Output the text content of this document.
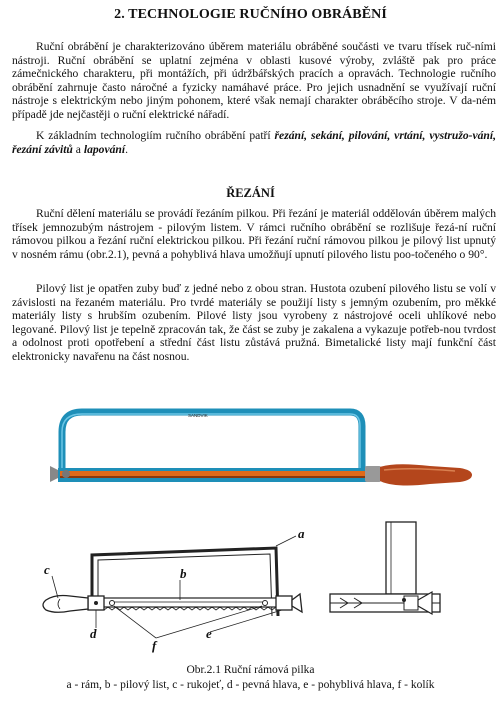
2. TECHNOLOGIE RUČNÍHO OBRÁBĚNÍ

Ruční obrábění je charakterizováno úběrem materiálu obráběné součásti ve tvaru třísek ruč-ními nástroji. Ruční obrábění se uplatní zejména v oblasti kusové výroby, zvláště pak pro práce zámečnického charakteru, při montážích, při údržbářských pracích a opravách. Technologie ručního obrábění zahrnuje často náročné a fyzicky namáhavé práce. Pro jejich usnadnění se využívají ruční nástroje s elektrickým nebo jiným pohonem, které však nemají charakter obráběcího stroje. V da-ném případě jde nejčastěji o ruční elektrické nářadí.

K základním technologiím ručního obrábění patří řezání, sekání, pilování, vrtání, vystružo-vání, řezání závitů a lapování.

ŘEZÁNÍ

Ruční dělení materiálu se provádí řezáním pilkou. Při řezání je materiál oddělován úběrem malých třísek jemnozubým nástrojem - pilovým listem. V rámci ručního obrábění se rozlišuje řezá-ní ruční rámovou pilkou a řezání ruční elektrickou pilkou. Při řezání ruční rámovou pilkou je pilový list upnutý v nosném rámu (obr.2.1), pevná a pohyblivá hlava umožňují upnutí pilového listu poo-točeného o 90°.

Pilový list je opatřen zuby buď z jedné nebo z obou stran. Hustota ozubení pilového listu se volí v závislosti na řezaném materiálu. Pro tvrdé materiály se použijí listy s jemným ozubením, pro měkké materiály listy s hrubším ozubením. Pilové listy jsou vyrobeny z nástrojové oceli uhlíkové nebo legované. Pilový list je tepelně zpracován tak, že část se zuby je zakalena a vykazuje potřeb-nou tvrdost a odolnost proti opotřebení a střední část listu zůstává pružná. Bimetalické listy mají funkční část elektronicky navařenu na část nosnou.

SANDVIK
a
b
c
d	e
f

Obr.2.1 Ruční rámová pilka

a - rám, b - pilový list, c - rukojeť, d - pevná hlava, e - pohyblivá hlava, f - kolík
